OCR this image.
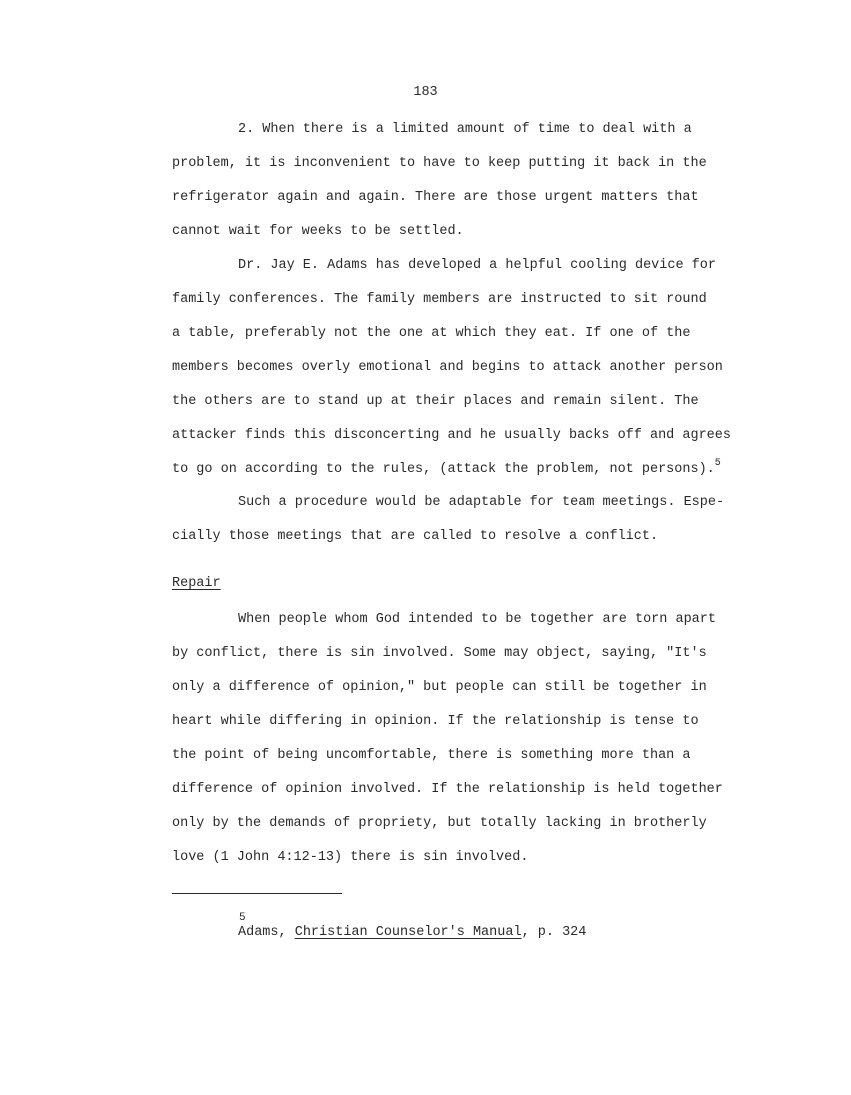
183
2. When there is a limited amount of time to deal with a
problem, it is inconvenient to have to keep putting it back in the
refrigerator again and again. There are those urgent matters that
cannot wait for weeks to be settled.
Dr. Jay E. Adams has developed a helpful cooling device for
family conferences. The family members are instructed to sit round
a table, preferably not the one at which they eat. If one of the
members becomes overly emotional and begins to attack another person
the others are to stand up at their places and remain silent. The
attacker finds this disconcerting and he usually backs off and agrees
to go on according to the rules, (attack the problem, not persons).$^5$
Such a procedure would be adaptable for team meetings. Espe-
cially those meetings that are called to resolve a conflict.
Repair
When people whom God intended to be together are torn apart
by conflict, there is sin involved. Some may object, saying, "It's
only a difference of opinion," but people can still be together in
heart while differing in opinion. If the relationship is tense to
the point of being uncomfortable, there is something more than a
difference of opinion involved. If the relationship is held together
only by the demands of propriety, but totally lacking in brotherly
love (1 John 4:12-13) there is sin involved.
5
Adams, Christian Counselor's Manual, p. 324
